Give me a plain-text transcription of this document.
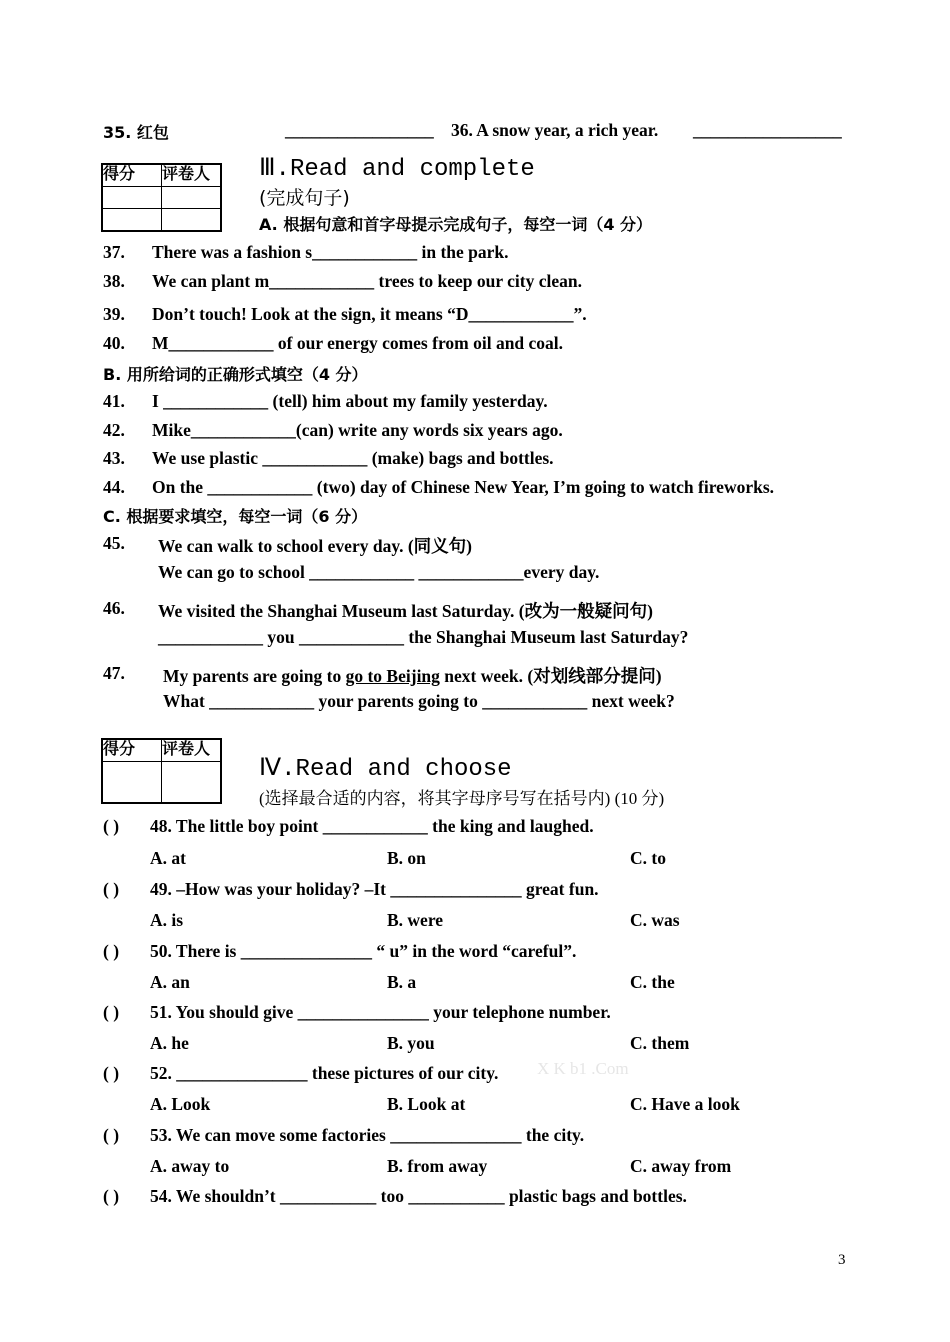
35. 红包	_________________ 36. A snow year, a rich year. _________________
得分	评卷人

	Ⅲ.Read and complete
(完成句子)
A. 根据句意和首字母提示完成句子，每空一词（4 分）
37. There was a fashion s____________ in the park.
38. We can plant m____________ trees to keep our city clean.
39. Don’t touch! Look at the sign, it means “D____________”.
40. M____________ of our energy comes from oil and coal.
B. 用所给词的正确形式填空（4 分）
41. I ____________ (tell) him about my family yesterday.
42. Mike____________(can) write any words six years ago.
43. We use plastic ____________ (make) bags and bottles.
44. On the ____________ (two) day of Chinese New Year, I’m going to watch fireworks.
C. 根据要求填空，每空一词（6 分）
45. We can walk to school every day. (同义句)
We can go to school ____________ ____________every day.
46. We visited the Shanghai Museum last Saturday. (改为一般疑问句)
____________ you ____________ the Shanghai Museum last Saturday?
47. My parents are going to go to Beijing next week. (对划线部分提问)
What ____________ your parents going to ____________ next week?
得分	评卷人

Ⅳ.Read and choose
(选择最合适的内容，将其字母序号写在括号内) (10 分)
( ) 48. The little boy point ____________ the king and laughed.
A. at	B. on	C. to
( ) 49. –How was your holiday? –It _______________ great fun.
A. is	B. were	C. was
( ) 50. There is _______________ “ u” in the word “careful”.
A. an	B. a	C. the
( ) 51. You should give _______________ your telephone number.
A. he	B. you	C. them
( ) 52. _______________ these pictures of our city. X K b1 .Com
A. Look	B. Look at	C. Have a look
( ) 53. We can move some factories _______________ the city.
A. away to	B. from away	C. away from
( ) 54. We shouldn’t ___________ too ___________ plastic bags and bottles.
3
